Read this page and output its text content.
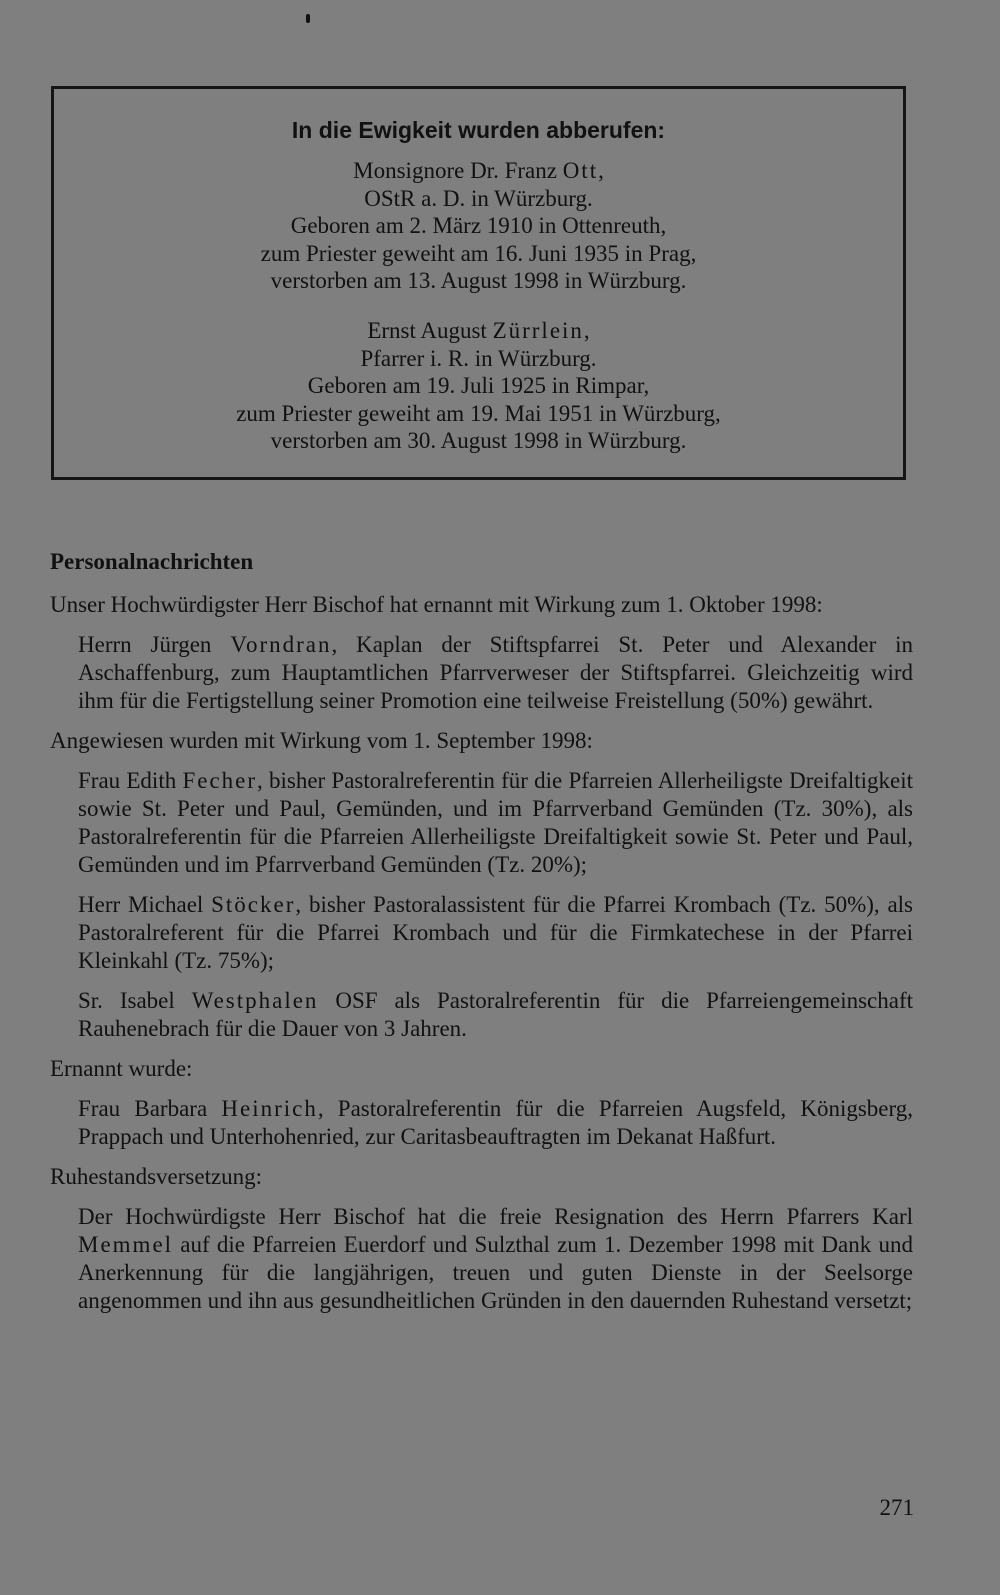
In die Ewigkeit wurden abberufen:
Monsignore Dr. Franz Ott,
OStR a. D. in Würzburg.
Geboren am 2. März 1910 in Ottenreuth,
zum Priester geweiht am 16. Juni 1935 in Prag,
verstorben am 13. August 1998 in Würzburg.
Ernst August Zürrlein,
Pfarrer i. R. in Würzburg.
Geboren am 19. Juli 1925 in Rimpar,
zum Priester geweiht am 19. Mai 1951 in Würzburg,
verstorben am 30. August 1998 in Würzburg.
Personalnachrichten

Unser Hochwürdigster Herr Bischof hat ernannt mit Wirkung zum 1. Oktober 1998:

Herrn Jürgen Vorndran, Kaplan der Stiftspfarrei St. Peter und Alexander in Aschaffenburg, zum Hauptamtlichen Pfarrverweser der Stiftspfarrei. Gleichzeitig wird ihm für die Fertigstellung seiner Promotion eine teilweise Freistellung (50%) gewährt.

Angewiesen wurden mit Wirkung vom 1. September 1998:

Frau Edith Fecher, bisher Pastoralreferentin für die Pfarreien Allerheiligste Dreifaltigkeit sowie St. Peter und Paul, Gemünden, und im Pfarrverband Gemünden (Tz. 30%), als Pastoralreferentin für die Pfarreien Allerheiligste Dreifaltigkeit sowie St. Peter und Paul, Gemünden und im Pfarrverband Gemünden (Tz. 20%);

Herr Michael Stöcker, bisher Pastoralassistent für die Pfarrei Krombach (Tz. 50%), als Pastoralreferent für die Pfarrei Krombach und für die Firmkatechese in der Pfarrei Kleinkahl (Tz. 75%);

Sr. Isabel Westphalen OSF als Pastoralreferentin für die Pfarreiengemeinschaft Rauhenebrach für die Dauer von 3 Jahren.

Ernannt wurde:

Frau Barbara Heinrich, Pastoralreferentin für die Pfarreien Augsfeld, Königsberg, Prappach und Unterhohenried, zur Caritasbeauftragten im Dekanat Haßfurt.

Ruhestandsversetzung:

Der Hochwürdigste Herr Bischof hat die freie Resignation des Herrn Pfarrers Karl Memmel auf die Pfarreien Euerdorf und Sulzthal zum 1. Dezember 1998 mit Dank und Anerkennung für die langjährigen, treuen und guten Dienste in der Seelsorge angenommen und ihn aus gesundheitlichen Gründen in den dauernden Ruhestand versetzt;

271
